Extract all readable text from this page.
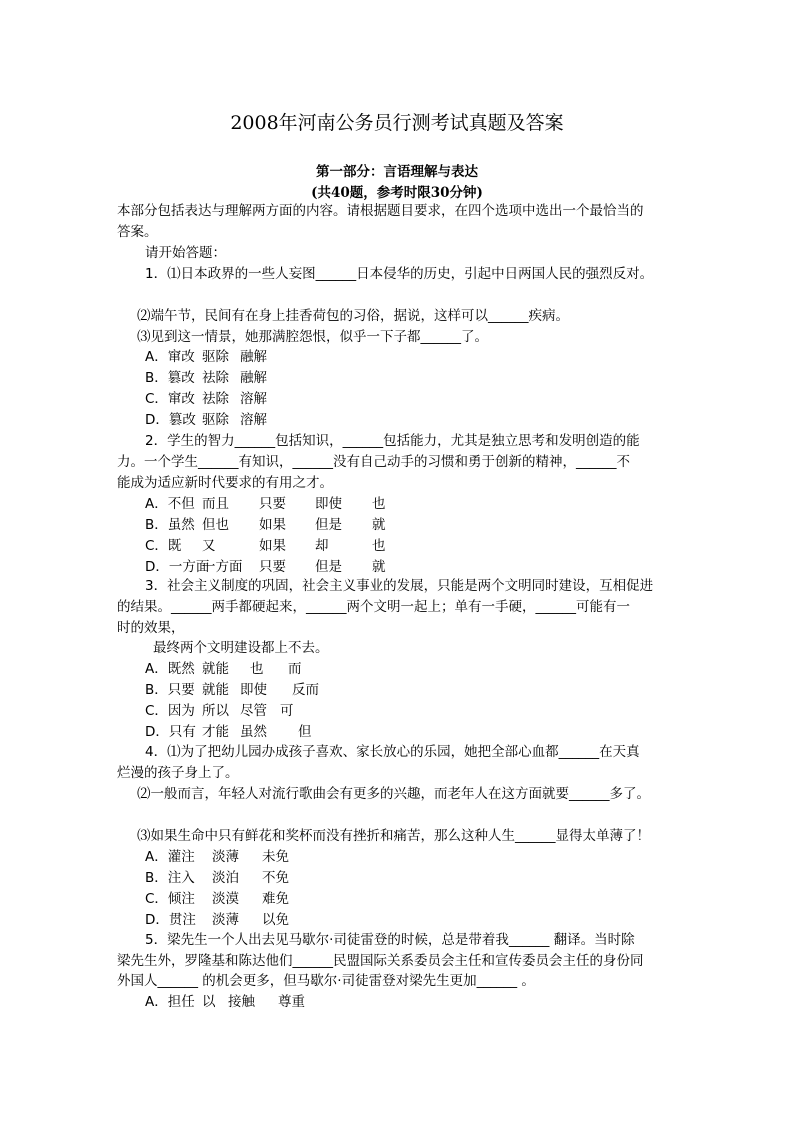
2008年河南公务员行测考试真题及答案
第一部分：言语理解与表达
(共40题，参考时限30分钟)
本部分包括表达与理解两方面的内容。请根据题目要求，在四个选项中选出一个最恰当的
答案。
请开始答题：
1．⑴日本政界的一些人妄图______日本侵华的历史，引起中日两国人民的强烈反对。
⑵端午节，民间有在身上挂香荷包的习俗，据说，这样可以______疾病。
⑶见到这一情景，她那满腔怨恨，似乎一下子都______了。
A．窜改 驱除 融解
B．篡改 祛除 融解
C．窜改 祛除 溶解
D．篡改 驱除 溶解
2．学生的智力______包括知识，______包括能力，尤其是独立思考和发明创造的能
力。一个学生______有知识，______没有自己动手的习惯和勇于创新的精神，______不
能成为适应新时代要求的有用之才。
A．不但 而且 只要 即使 也
B．虽然 但也 如果 但是 就
C．既 又	如果 却	也
D．一方面一方面 只要 但是 就
3．社会主义制度的巩固，社会主义事业的发展，只能是两个文明同时建设，互相促进
的结果。______两手都硬起来，______两个文明一起上；单有一手硬，______可能有一
时的效果，
最终两个文明建设都上不去。
A．既然 就能 也 而
B．只要 就能 即使 反而
C．因为 所以 尽管 可
D．只有 才能 虽然 但
4．⑴为了把幼儿园办成孩子喜欢、家长放心的乐园，她把全部心血都______在天真
烂漫的孩子身上了。
⑵一般而言，年轻人对流行歌曲会有更多的兴趣，而老年人在这方面就要______多了。
⑶如果生命中只有鲜花和奖杯而没有挫折和痛苦，那么这种人生______显得太单薄了！
A．灌注 淡薄 未免
B．注入 淡泊 不免
C．倾注 淡漠 难免
D．贯注 淡薄 以免
5．梁先生一个人出去见马歇尔·司徒雷登的时候，总是带着我______ 翻译。当时除
梁先生外，罗隆基和陈达他们______民盟国际关系委员会主任和宣传委员会主任的身份同
外国人______ 的机会更多，但马歇尔·司徒雷登对梁先生更加______ 。
A．担任 以 接触 尊重
